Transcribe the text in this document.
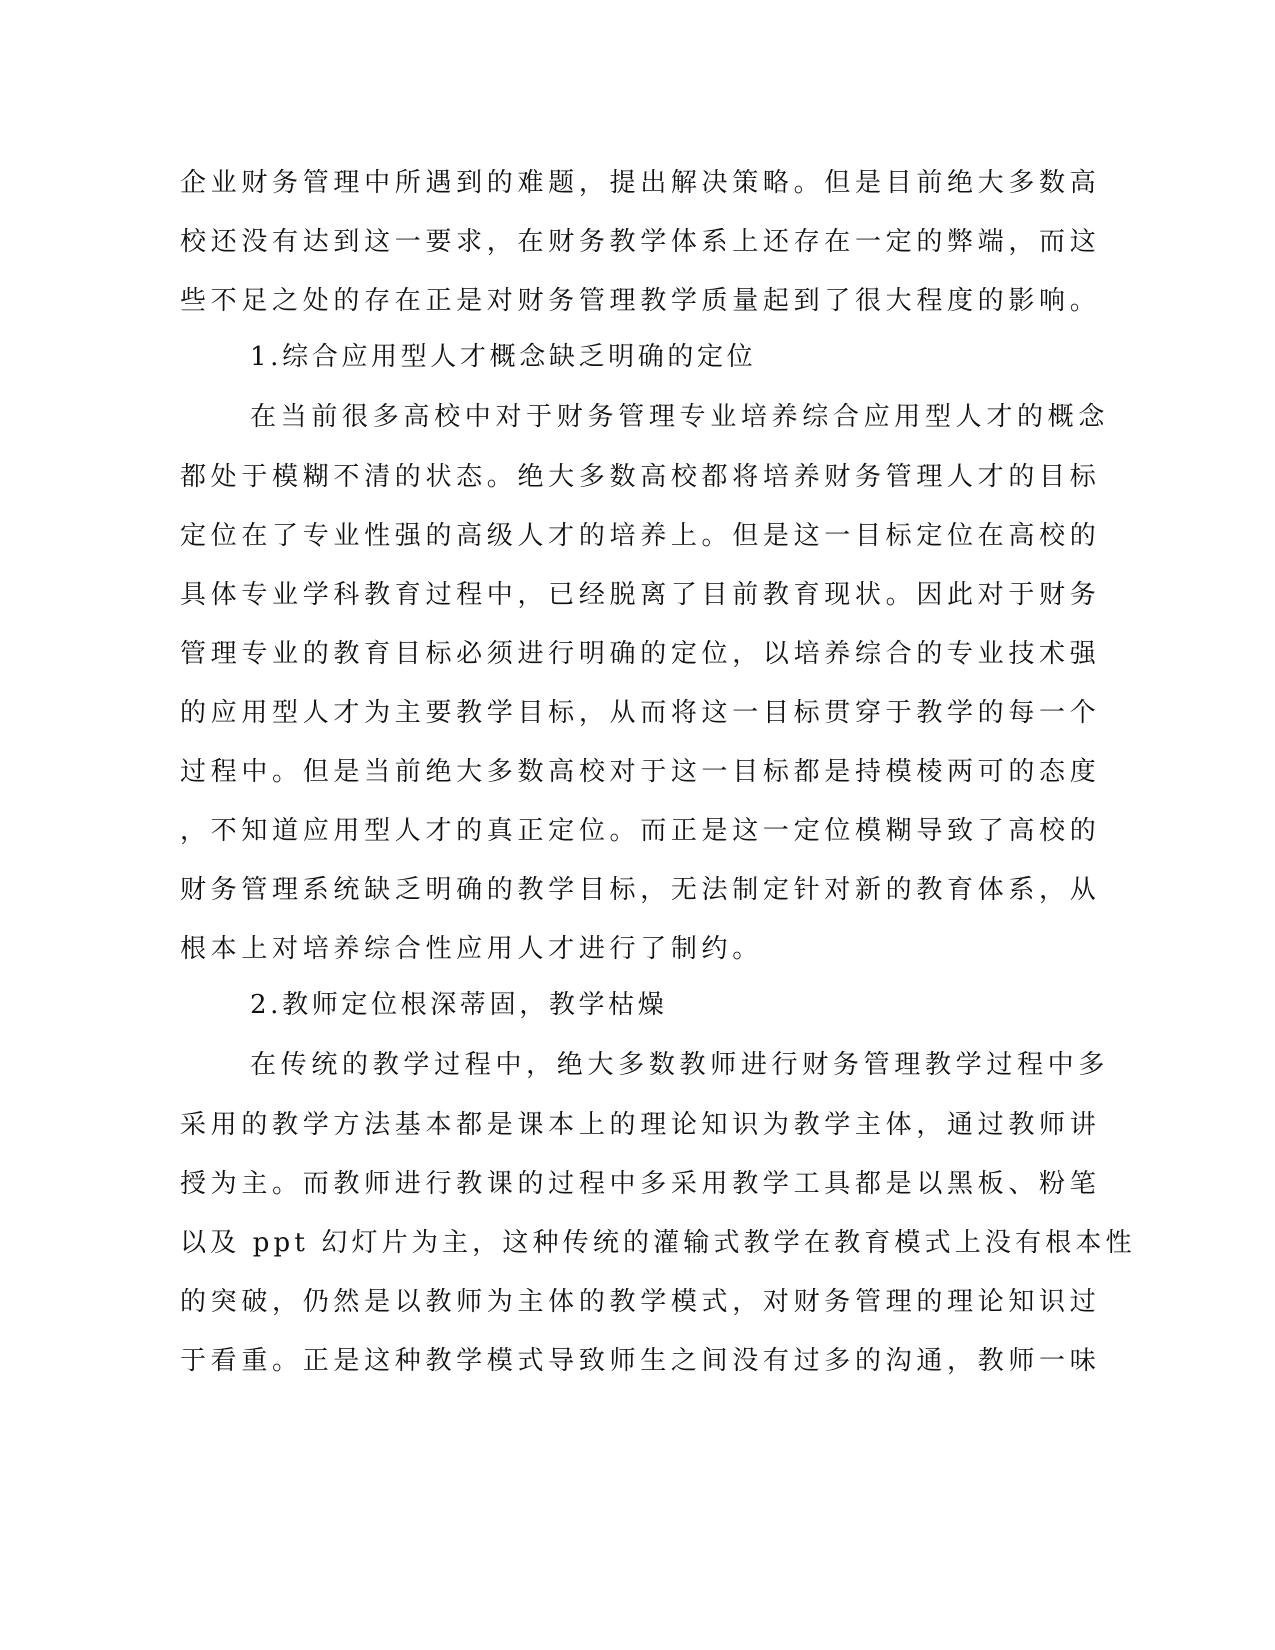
企业财务管理中所遇到的难题，提出解决策略。但是目前绝大多数高
校还没有达到这一要求，在财务教学体系上还存在一定的弊端，而这
些不足之处的存在正是对财务管理教学质量起到了很大程度的影响。
1.综合应用型人才概念缺乏明确的定位
在当前很多高校中对于财务管理专业培养综合应用型人才的概念
都处于模糊不清的状态。绝大多数高校都将培养财务管理人才的目标
定位在了专业性强的高级人才的培养上。但是这一目标定位在高校的
具体专业学科教育过程中，已经脱离了目前教育现状。因此对于财务
管理专业的教育目标必须进行明确的定位，以培养综合的专业技术强
的应用型人才为主要教学目标，从而将这一目标贯穿于教学的每一个
过程中。但是当前绝大多数高校对于这一目标都是持模棱两可的态度
，不知道应用型人才的真正定位。而正是这一定位模糊导致了高校的
财务管理系统缺乏明确的教学目标，无法制定针对新的教育体系，从
根本上对培养综合性应用人才进行了制约。
2.教师定位根深蒂固，教学枯燥
在传统的教学过程中，绝大多数教师进行财务管理教学过程中多
采用的教学方法基本都是课本上的理论知识为教学主体，通过教师讲
授为主。而教师进行教课的过程中多采用教学工具都是以黑板、粉笔
以及 ppt 幻灯片为主，这种传统的灌输式教学在教育模式上没有根本性
的突破，仍然是以教师为主体的教学模式，对财务管理的理论知识过
于看重。正是这种教学模式导致师生之间没有过多的沟通，教师一味
